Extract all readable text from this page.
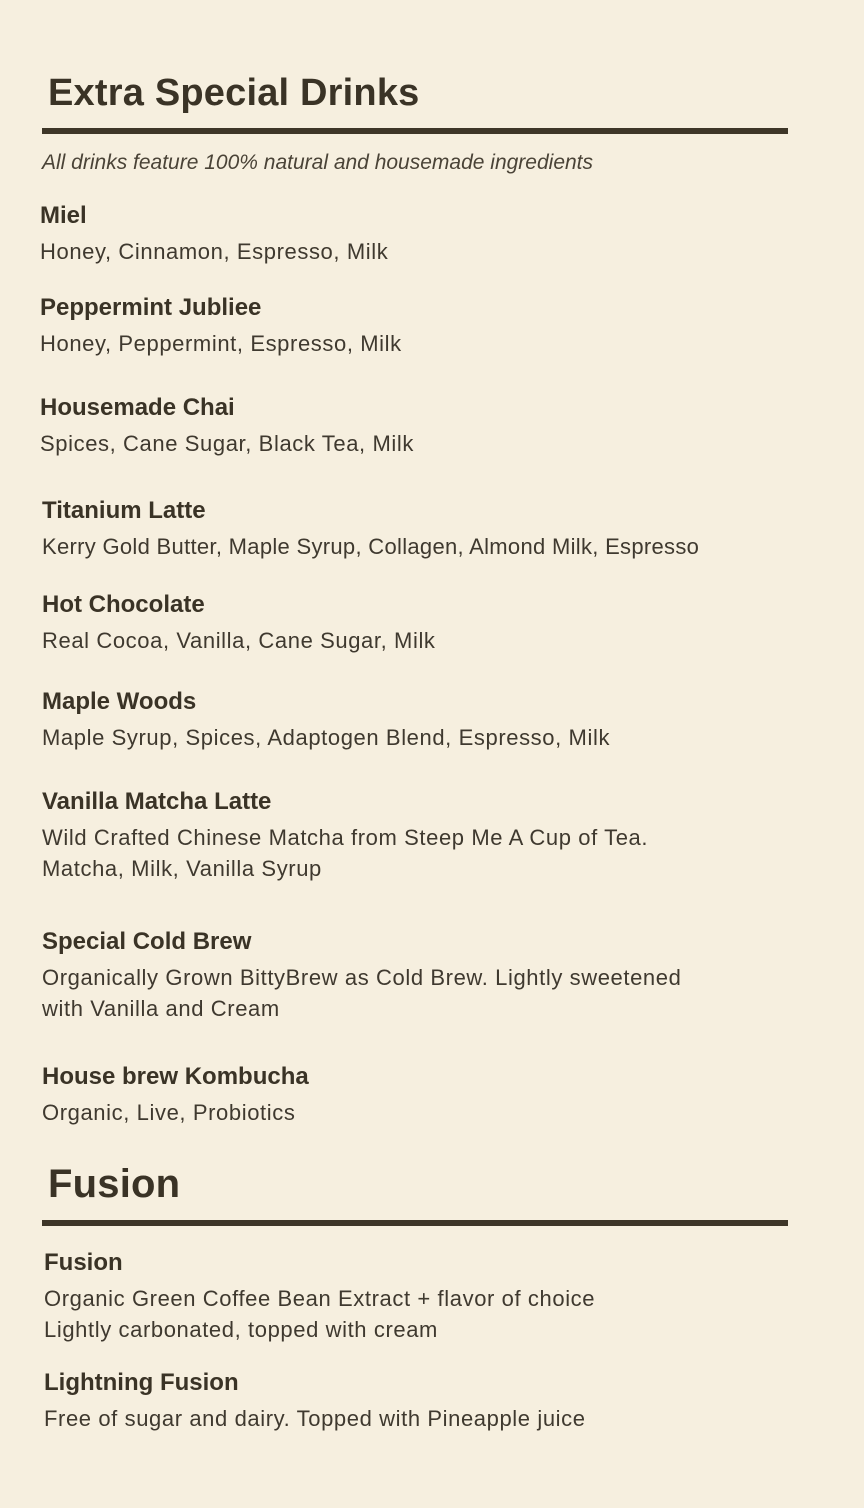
Extra Special Drinks

All drinks feature 100% natural and housemade ingredients

Miel

Honey, Cinnamon, Espresso, Milk

Peppermint Jubliee

Honey, Peppermint, Espresso, Milk

Housemade Chai

Spices, Cane Sugar, Black Tea, Milk

Titanium Latte

Kerry Gold Butter, Maple Syrup, Collagen, Almond Milk, Espresso

Hot Chocolate

Real Cocoa, Vanilla, Cane Sugar, Milk

Maple Woods

Maple Syrup, Spices, Adaptogen Blend, Espresso, Milk

Vanilla Matcha Latte

Wild Crafted Chinese Matcha from Steep Me A Cup of Tea.
Matcha, Milk, Vanilla Syrup

Special Cold Brew

Organically Grown BittyBrew as Cold Brew. Lightly sweetened
with Vanilla and Cream

House brew Kombucha

Organic, Live, Probiotics

Fusion

Fusion

Organic Green Coffee Bean Extract + flavor of choice
Lightly carbonated, topped with cream

Lightning Fusion

Free of sugar and dairy. Topped with Pineapple juice
